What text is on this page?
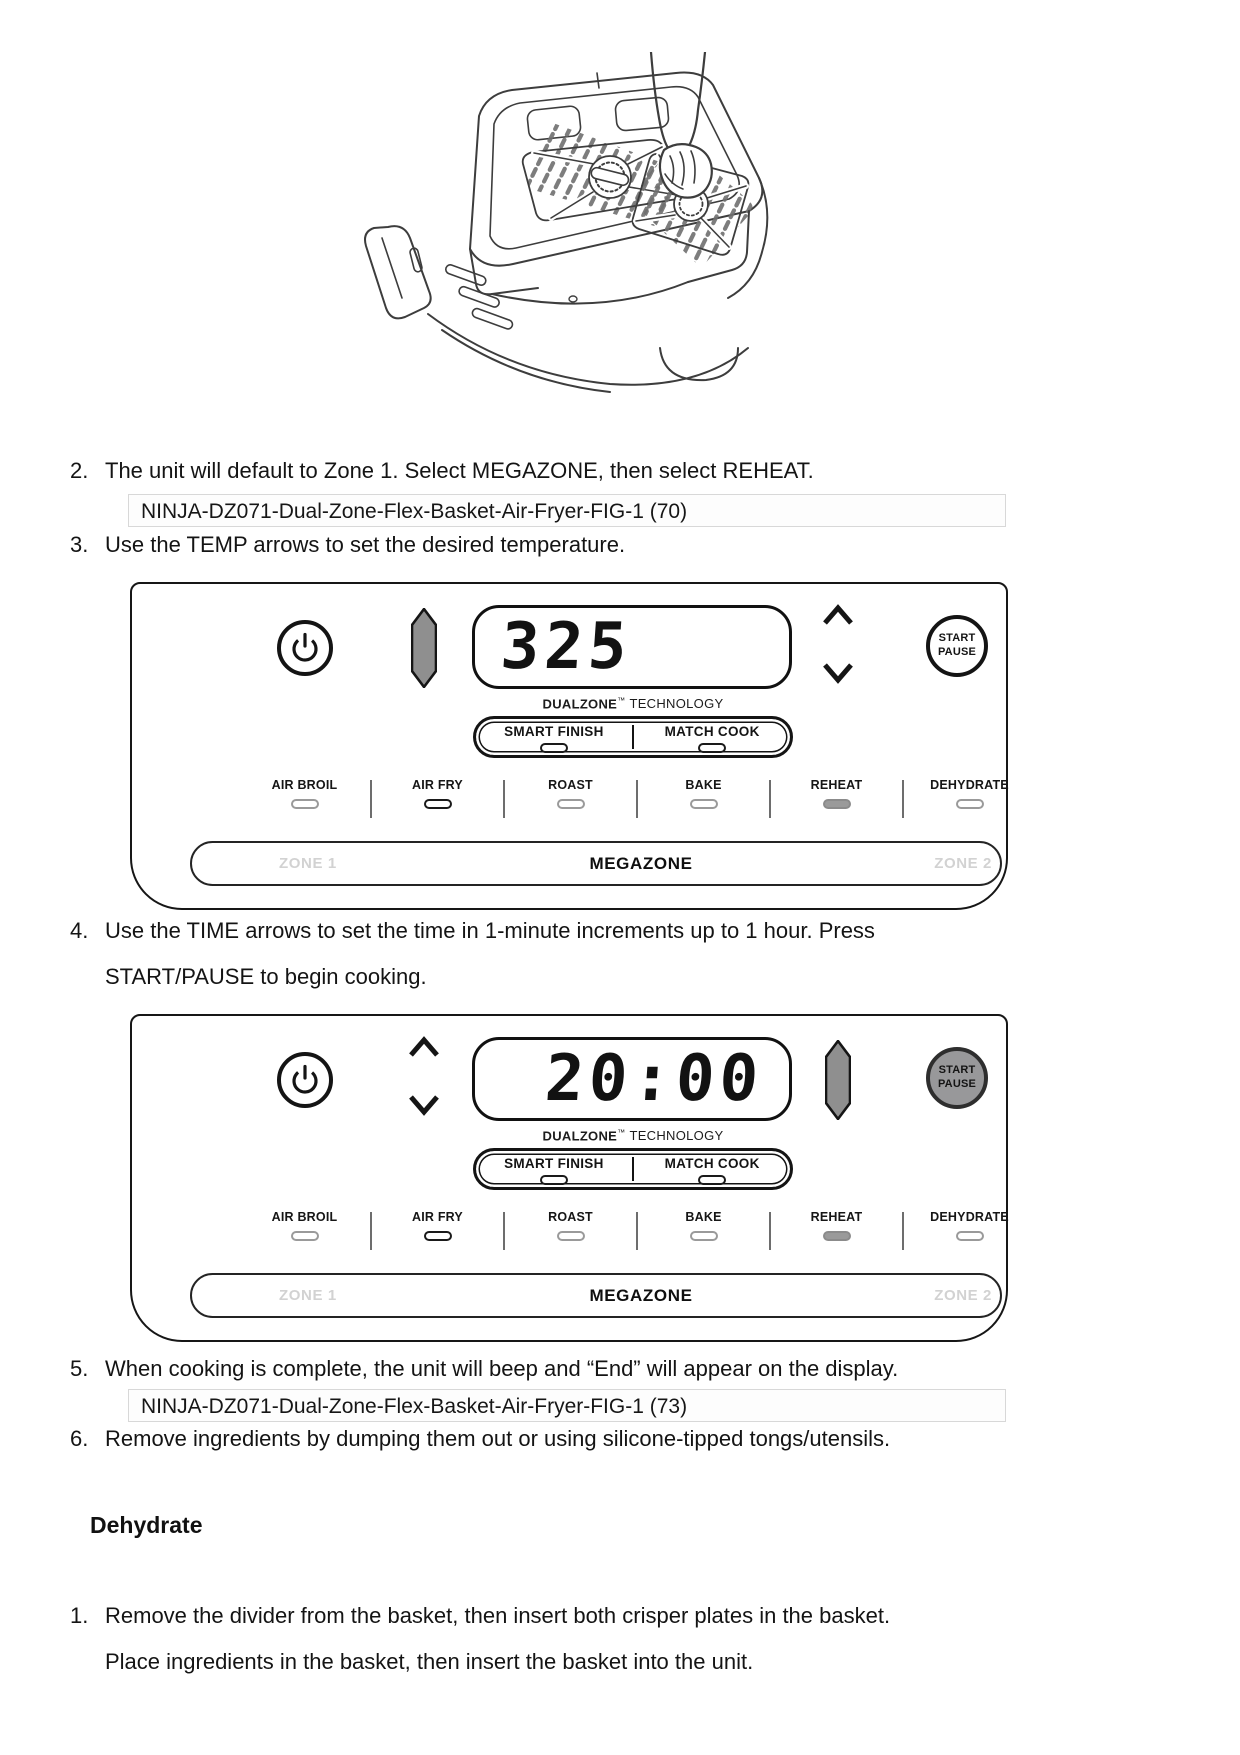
2. The unit will default to Zone 1. Select MEGAZONE, then select REHEAT.
NINJA-DZ071-Dual-Zone-Flex-Basket-Air-Fryer-FIG-1 (70)
3. Use the TEMP arrows to set the desired temperature.
325	START
PAUSE
DUALZONE™ TECHNOLOGY
SMART FINISH	MATCH COOK
AIR BROIL	AIR FRY	ROAST	BAKE	REHEAT	DEHYDRATE
ZONE 1	MEGAZONE	ZONE 2
4. Use the TIME arrows to set the time in 1-minute increments up to 1 hour. Press
START/PAUSE to begin cooking.
20:00	START
PAUSE
DUALZONE™ TECHNOLOGY
SMART FINISH	MATCH COOK
AIR BROIL	AIR FRY	ROAST	BAKE	REHEAT	DEHYDRATE
ZONE 1	MEGAZONE	ZONE 2
5. When cooking is complete, the unit will beep and “End” will appear on the display.
NINJA-DZ071-Dual-Zone-Flex-Basket-Air-Fryer-FIG-1 (73)
6. Remove ingredients by dumping them out or using silicone-tipped tongs/utensils.
Dehydrate
1. Remove the divider from the basket, then insert both crisper plates in the basket.
Place ingredients in the basket, then insert the basket into the unit.
